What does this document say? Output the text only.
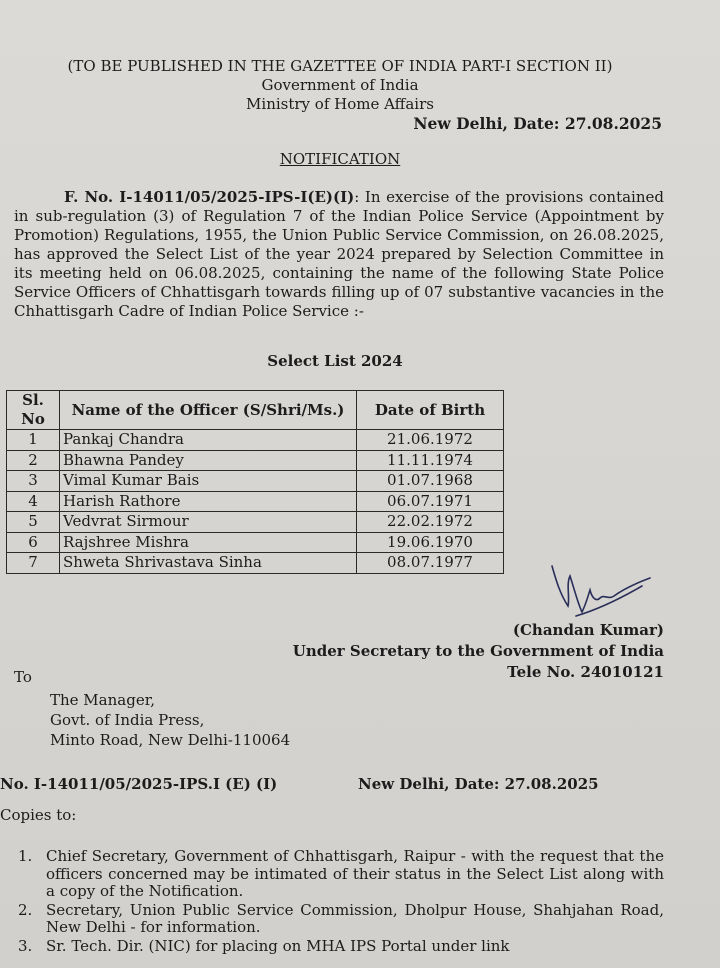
(TO BE PUBLISHED IN THE GAZETTEE OF INDIA PART-I SECTION II)
Government of India
Ministry of Home Affairs
New Delhi, Date: 27.08.2025
NOTIFICATION
F. No. I-14011/05/2025-IPS-I(E)(I): In exercise of the provisions contained in sub-regulation (3) of Regulation 7 of the Indian Police Service (Appointment by Promotion) Regulations, 1955, the Union Public Service Commission, on 26.08.2025, has approved the Select List of the year 2024 prepared by Selection Committee in its meeting held on 06.08.2025, containing the name of the following State Police Service Officers of Chhattisgarh towards filling up of 07 substantive vacancies in the Chhattisgarh Cadre of Indian Police Service :-
Select List 2024
Sl. No	Name of the Officer (S/Shri/Ms.)	Date of Birth
1	Pankaj Chandra	21.06.1972
2	Bhawna Pandey	11.11.1974
3	Vimal Kumar Bais	01.07.1968
4	Harish Rathore	06.07.1971
5	Vedvrat Sirmour	22.02.1972
6	Rajshree Mishra	19.06.1970
7	Shweta Shrivastava Sinha	08.07.1977
(Chandan Kumar)
Under Secretary to the Government of India
Tele No. 24010121
To
The Manager,
Govt. of India Press,
Minto Road, New Delhi-110064
No. I-14011/05/2025-IPS.I (E) (I)	New Delhi, Date: 27.08.2025
Copies to:
1. Chief Secretary, Government of Chhattisgarh, Raipur - with the request that the officers concerned may be intimated of their status in the Select List along with a copy of the Notification.
2. Secretary, Union Public Service Commission, Dholpur House, Shahjahan Road, New Delhi - for information.
3. Sr. Tech. Dir. (NIC) for placing on MHA IPS Portal under link
